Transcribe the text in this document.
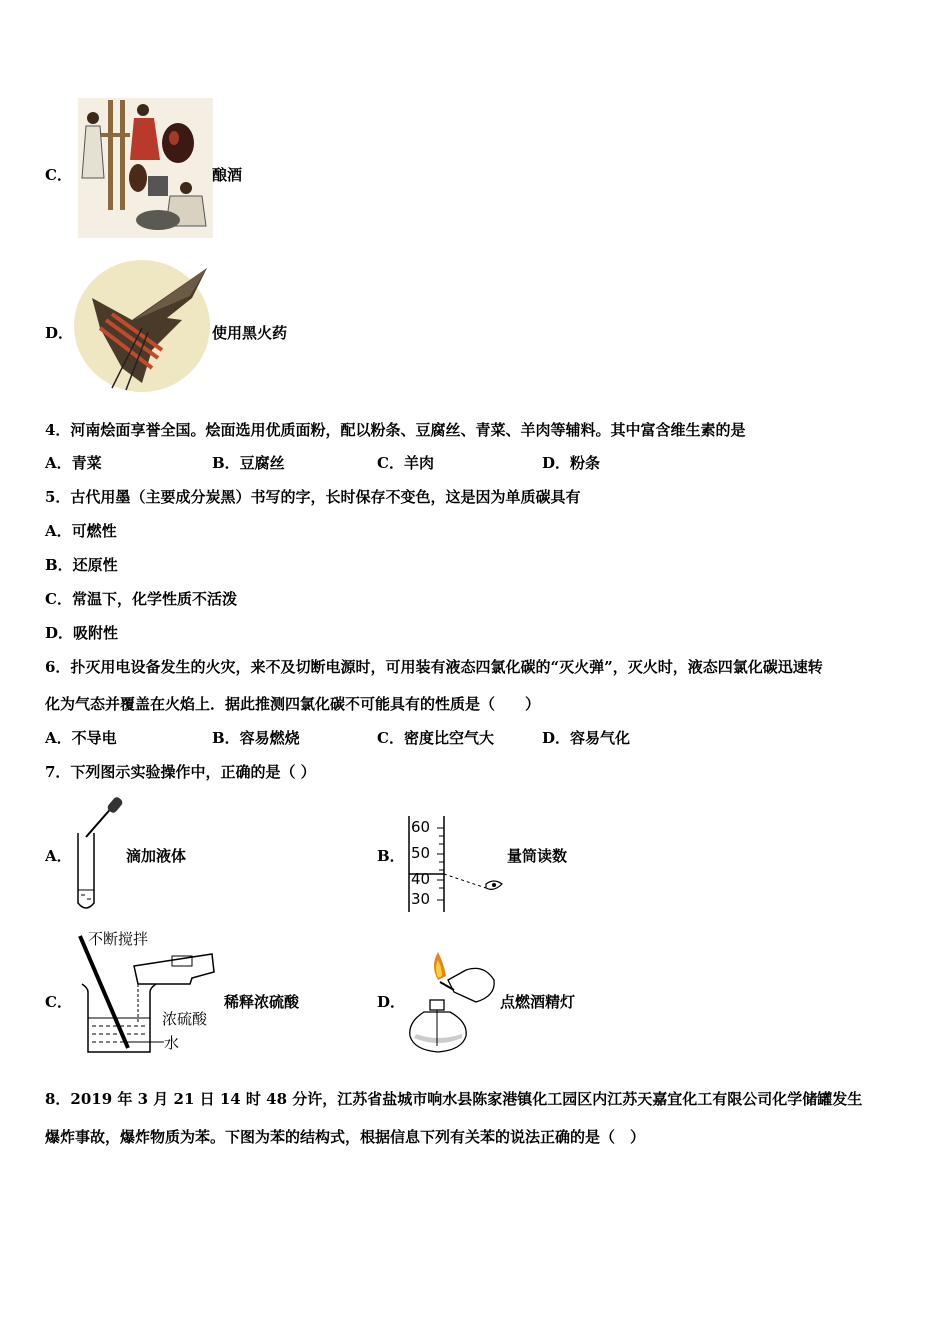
C．	酿酒
D．	使用黑火药
4．河南烩面享誉全国。烩面选用优质面粉，配以粉条、豆腐丝、青菜、羊肉等辅料。其中富含维生素的是
A．青菜	B．豆腐丝	C．羊肉	D．粉条
5．古代用墨（主要成分炭黑）书写的字，长时保存不变色，这是因为单质碳具有
A．可燃性
B．还原性
C．常温下，化学性质不活泼
D．吸附性
6．扑灭用电设备发生的火灾，来不及切断电源时，可用装有液态四氯化碳的“灭火弹”，灭火时，液态四氯化碳迅速转
化为气态并覆盖在火焰上．据此推测四氯化碳不可能具有的性质是（　　）
A．不导电	B．容易燃烧	C．密度比空气大	D．容易气化
7．下列图示实验操作中，正确的是（ ）
A．	滴加液体	B．
60
50
40
30
量筒读数
C．
不断搅拌
浓硫酸
水
稀释浓硫酸	D．	点燃酒精灯
8．2019 年 3 月 21 日 14 时 48 分许，江苏省盐城市响水县陈家港镇化工园区内江苏天嘉宜化工有限公司化学储罐发生
爆炸事故，爆炸物质为苯。下图为苯的结构式，根据信息下列有关苯的说法正确的是（　）
